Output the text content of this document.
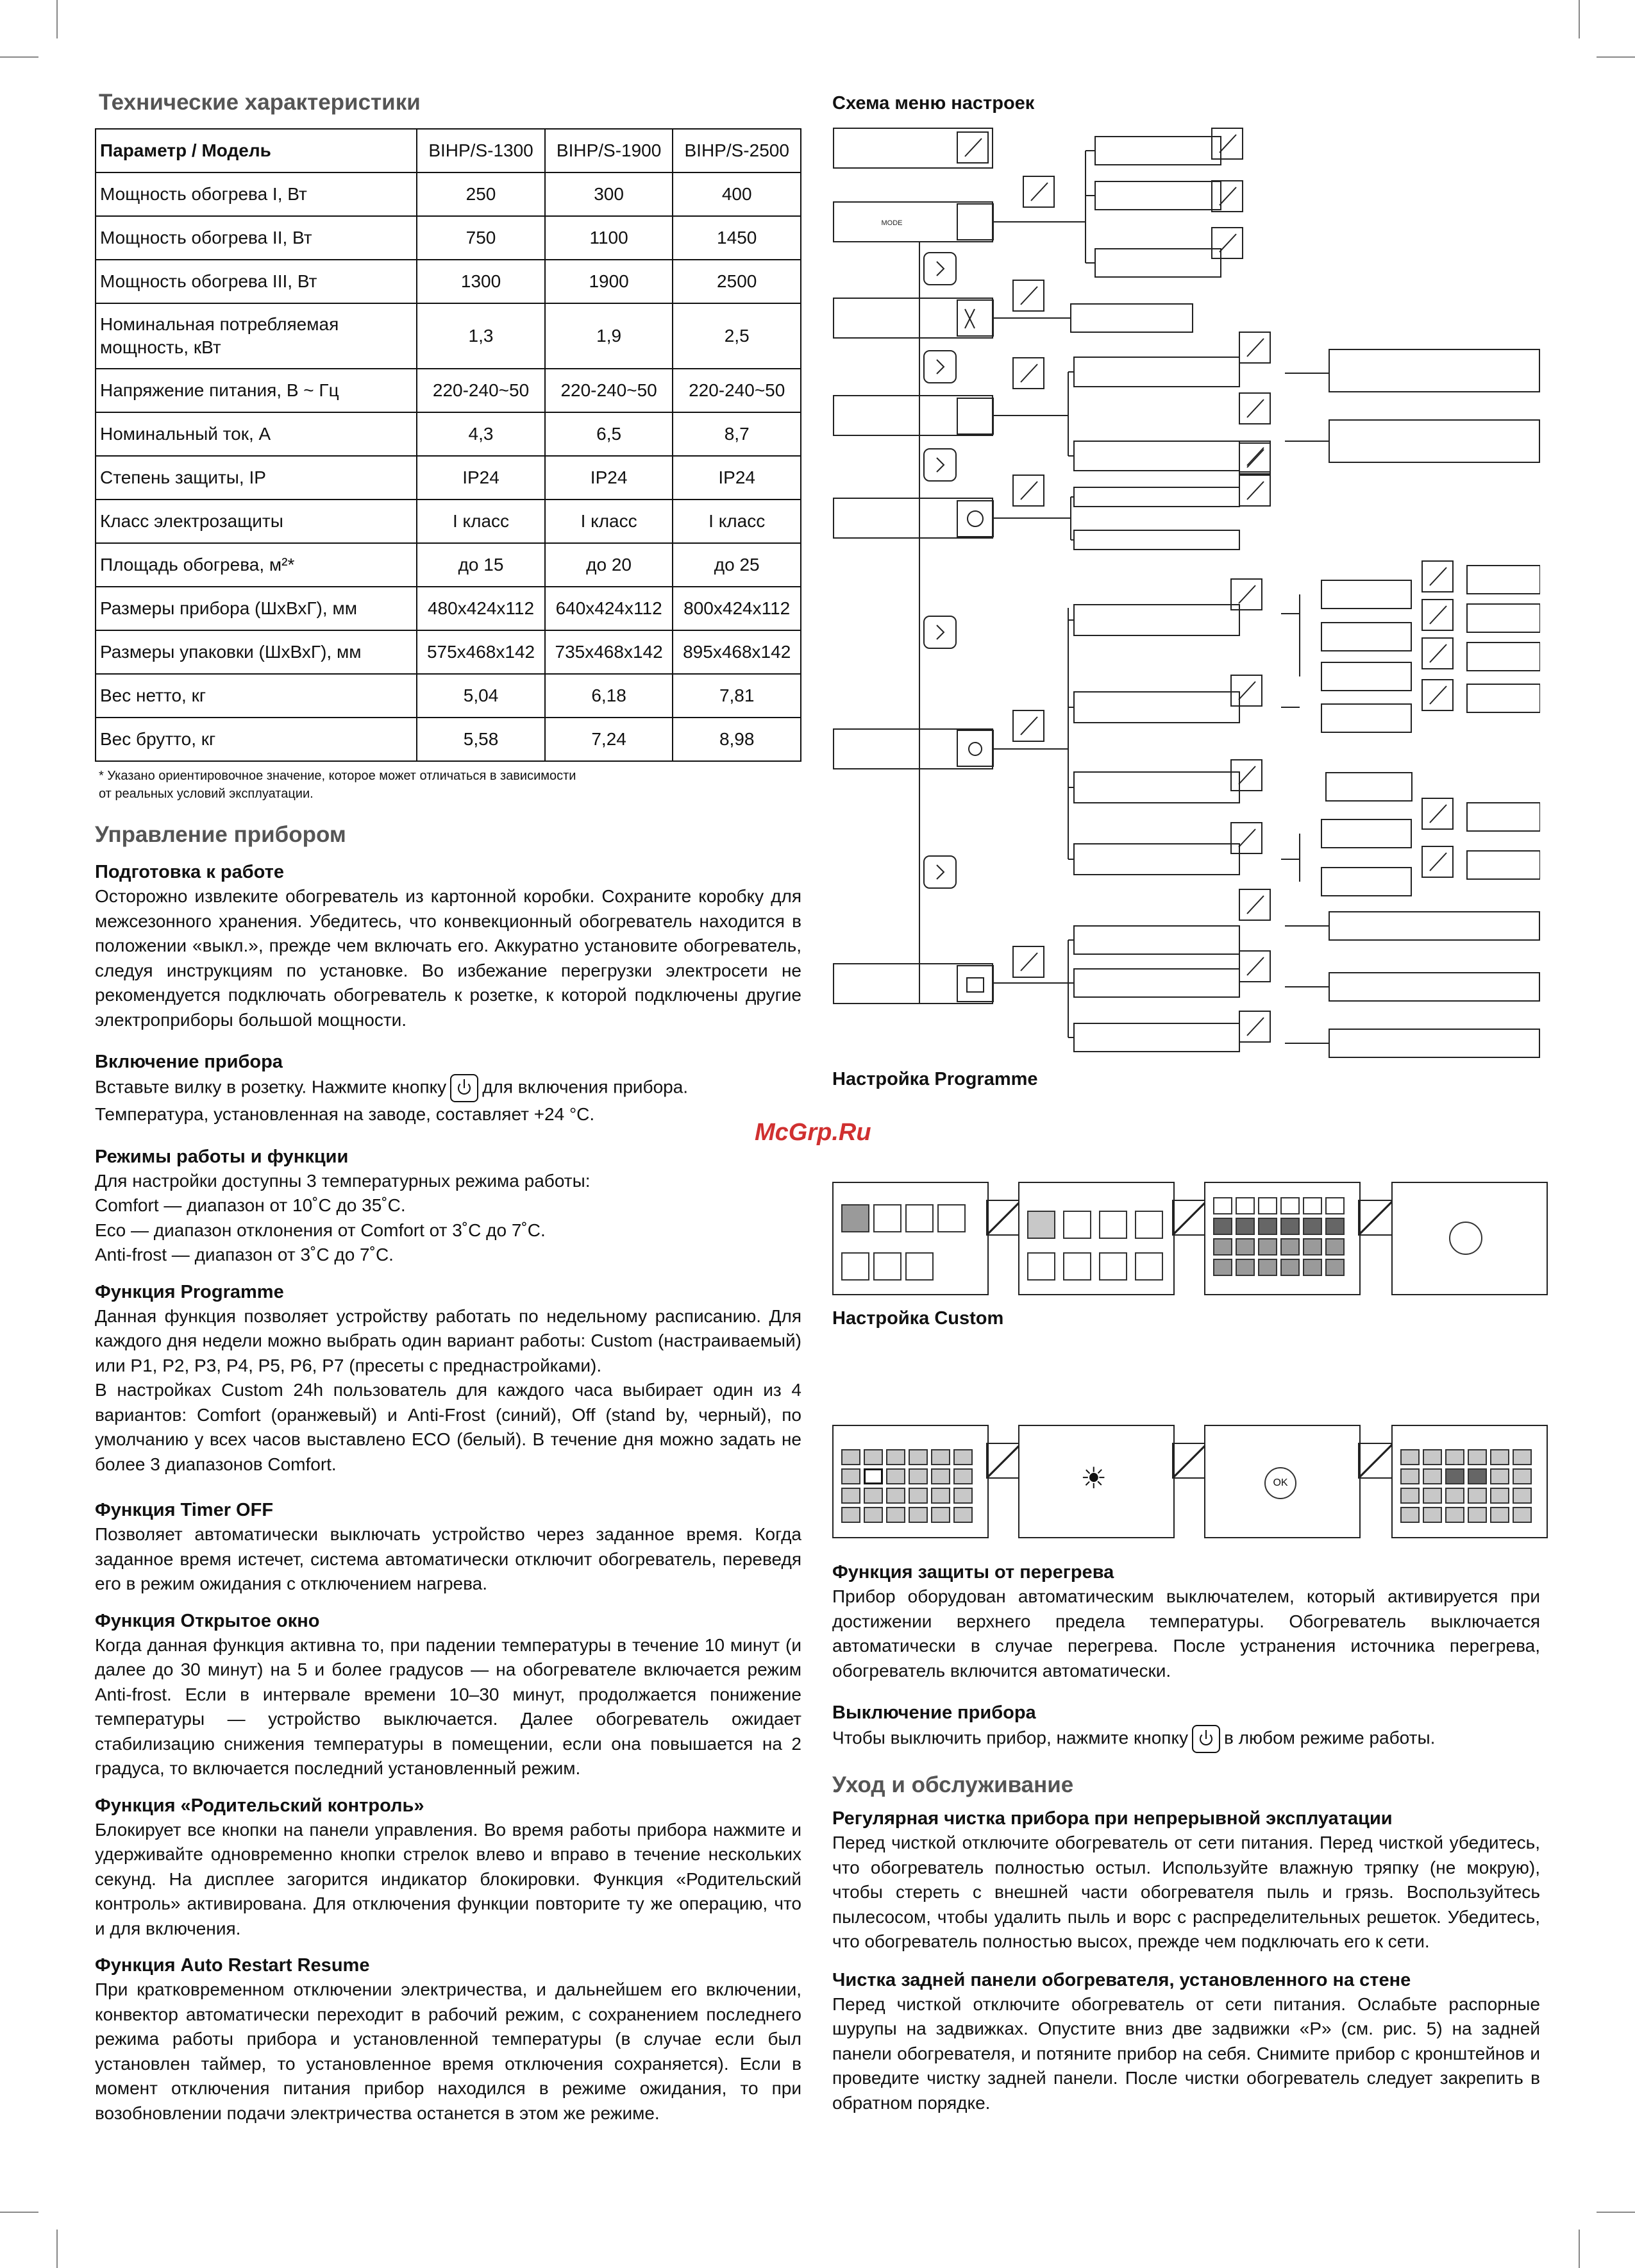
Технические характеристики
Параметр / Модель	BIHP/S-1300	BIHP/S-1900	BIHP/S-2500
Мощность обогрева I, Вт	250	300	400
Мощность обогрева II, Вт	750	1100	1450
Мощность обогрева III, Вт	1300	1900	2500
Номинальная потребляемая мощность, кВт	1,3	1,9	2,5
Напряжение питания, В ~ Гц	220-240~50	220-240~50	220-240~50
Номинальный ток, А	4,3	6,5	8,7
Степень защиты, IP	IP24	IP24	IP24
Класс электрозащиты	I класс	I класс	I класс
Площадь обогрева, м²*	до 15	до 20	до 25
Размеры прибора (ШхВхГ), мм	480x424x112	640x424x112	800x424x112
Размеры упаковки (ШхВхГ), мм	575x468x142	735x468x142	895x468x142
Вес нетто, кг	5,04	6,18	7,81
Вес брутто, кг	5,58	7,24	8,98
* Указано ориентировочное значение, которое может отличаться в зависимости
от реальных условий эксплуатации.
Управление прибором
Подготовка к работе

Осторожно извлеките обогреватель из картонной коробки. Сохраните коробку для межсезонного хранения. Убедитесь, что конвекционный обогреватель находится в положении «выкл.», прежде чем включать его. Аккуратно установите обогреватель, следуя инструкциям по установке. Во избежание перегрузки электросети не рекомендуется подключать обогреватель к розетке, к которой подключены другие электроприборы большой мощности.

Включение прибора

Вставьте вилку в розетку. Нажмите кнопку для включения прибора.
Температура, установленная на заводе, составляет +24 °С.

Режимы работы и функции

Для настройки доступны 3 температурных режима работы:
Comfort — диапазон от 10˚С до 35˚С.
Eco — диапазон отклонения от Comfort от 3˚С до 7˚С.
Anti-frost — диапазон от 3˚С до 7˚С.

Функция Programme

Данная функция позволяет устройству работать по недельному расписанию. Для каждого дня недели можно выбрать один вариант работы: Custom (настраиваемый) или P1, P2, P3, P4, P5, P6, P7 (пресеты с преднастройками).

В настройках Custom 24h пользователь для каждого часа выбирает один из 4 вариантов: Comfort (оранжевый) и Anti-Frost (синий), Off (stand by, черный), по умолчанию у всех часов выставлено ECO (белый). В течение дня можно задать не более 3 диапазонов Comfort.

Функция Timer OFF

Позволяет автоматически выключать устройство через заданное время. Когда заданное время истечет, система автоматически отключит обогреватель, переведя его в режим ожидания с отключением нагрева.

Функция Открытое окно

Когда данная функция активна то, при падении температуры в течение 10 минут (и далее до 30 минут) на 5 и более градусов — на обогревателе включается режим Anti-frost. Если в интервале времени 10–30 минут, продолжается понижение температуры — устройство выключается. Далее обогреватель ожидает стабилизацию снижения температуры в помещении, если она повышается на 2 градуса, то включается последний установленный режим.

Функция «Родительский контроль»

Блокирует все кнопки на панели управления. Во время работы прибора нажмите и удерживайте одновременно кнопки стрелок влево и вправо в течение нескольких секунд. На дисплее загорится индикатор блокировки. Функция «Родительский контроль» активирована. Для отключения функции повторите ту же операцию, что и для включения.

Функция Auto Restart Resume

При кратковременном отключении электричества, и дальнейшем его включении, конвектор автоматически переходит в рабочий режим, с сохранением последнего режима работы прибора и установленной температуры (в случае если был установлен таймер, то установленное время отключения сохраняется). Если в момент отключения питания прибор находился в режиме ожидания, то при возобновлении подачи электричества останется в этом же режиме.

Схема меню настроек
MODE
Настройка Programme
McGrp.Ru
Настройка Custom
☀	OK
Функция защиты от перегрева

Прибор оборудован автоматическим выключателем, который активируется при достижении верхнего предела температуры. Обогреватель выключается автоматически в случае перегрева. После устранения источника перегрева, обогреватель включится автоматически.

Выключение прибора

Чтобы выключить прибор, нажмите кнопку в любом режиме работы.

Уход и обслуживание
Регулярная чистка прибора при непрерывной эксплуатации

Перед чисткой отключите обогреватель от сети питания. Перед чисткой убедитесь, что обогреватель полностью остыл. Используйте влажную тряпку (не мокрую), чтобы стереть с внешней части обогревателя пыль и грязь. Воспользуйтесь пылесосом, чтобы удалить пыль и ворс с распределительных решеток. Убедитесь, что обогреватель полностью высох, прежде чем подключать его к сети.

Чистка задней панели обогревателя, установленного на стене

Перед чисткой отключите обогреватель от сети питания. Ослабьте распорные шурупы на задвижках. Опустите вниз две задвижки «P» (см. рис. 5) на задней панели обогревателя, и потяните прибор на себя. Снимите прибор с кронштейнов и проведите чистку задней панели. После чистки обогреватель следует закрепить в обратном порядке.
